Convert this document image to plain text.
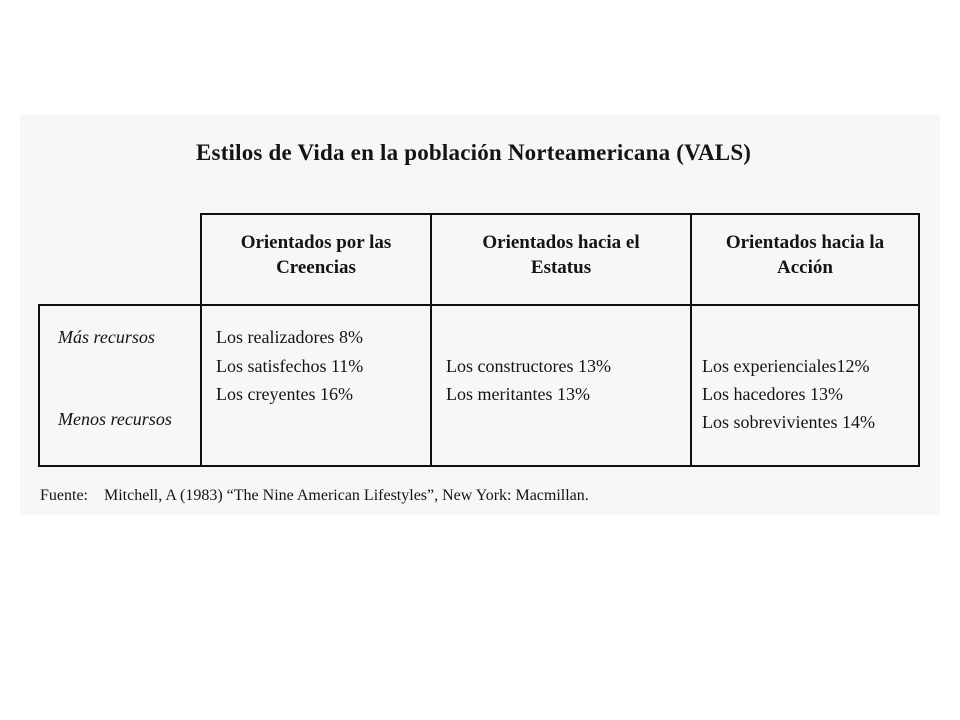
Estilos de Vida en la población Norteamericana (VALS)
Orientados por las
Creencias
Orientados hacia el
Estatus
Orientados hacia la
Acción
Más recursos
Menos recursos
Los realizadores 8%
Los satisfechos 11%
Los creyentes 16%
Los constructores 13%
Los meritantes 13%
Los experienciales12%
Los hacedores 13%
Los sobrevivientes 14%
Fuente: Mitchell, A (1983) “The Nine American Lifestyles”, New York: Macmillan.
